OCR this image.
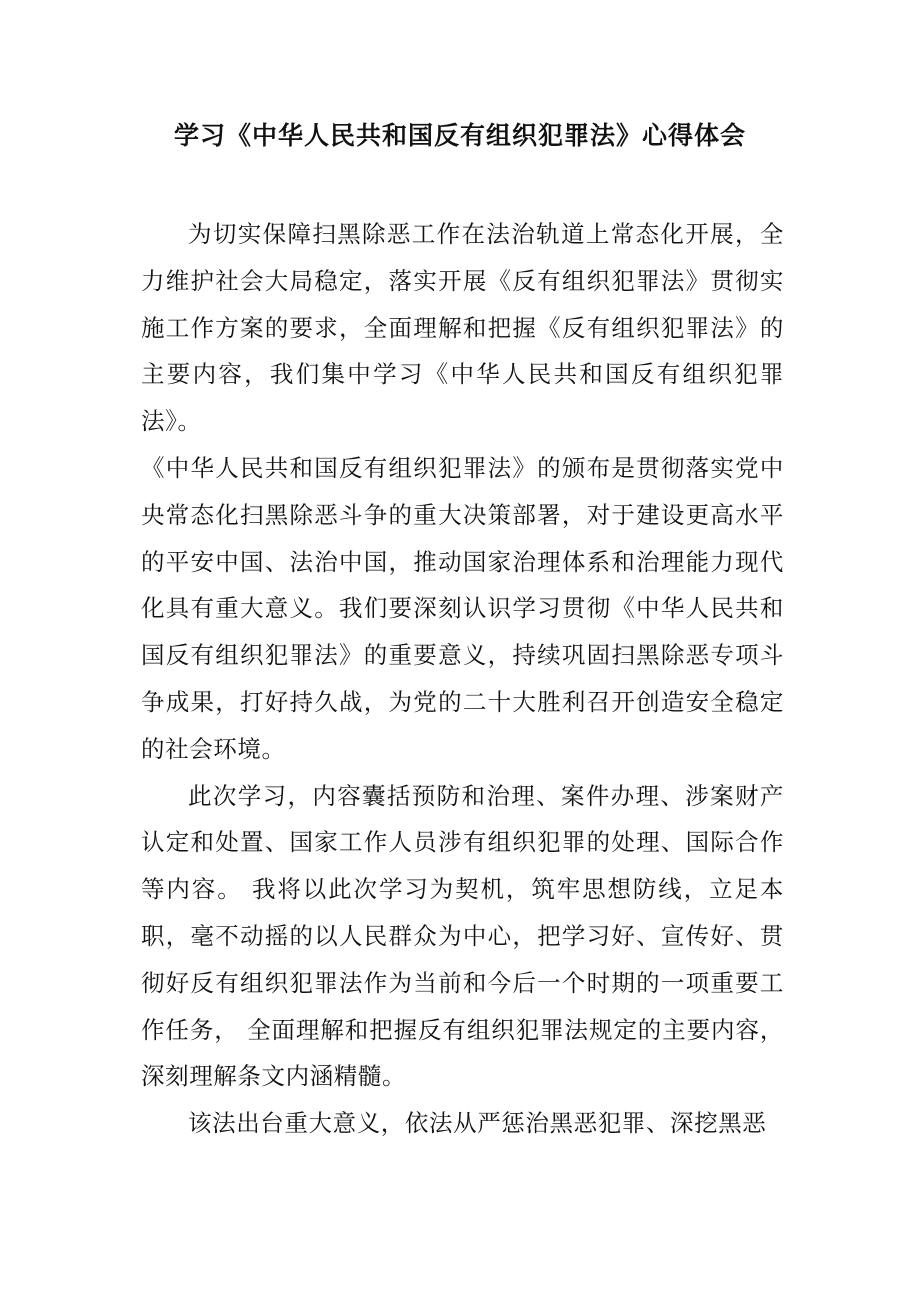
学习《中华人民共和国反有组织犯罪法》心得体会

为切实保障扫黑除恶工作在法治轨道上常态化开展，全力维护社会大局稳定，落实开展《反有组织犯罪法》贯彻实施工作方案的要求，全面理解和把握《反有组织犯罪法》的主要内容，我们集中学习《中华人民共和国反有组织犯罪法》。

《中华人民共和国反有组织犯罪法》的颁布是贯彻落实党中央常态化扫黑除恶斗争的重大决策部署，对于建设更高水平的平安中国、法治中国，推动国家治理体系和治理能力现代化具有重大意义。我们要深刻认识学习贯彻《中华人民共和国反有组织犯罪法》的重要意义，持续巩固扫黑除恶专项斗争成果，打好持久战，为党的二十大胜利召开创造安全稳定的社会环境。

此次学习，内容囊括预防和治理、案件办理、涉案财产认定和处置、国家工作人员涉有组织犯罪的处理、国际合作等内容。 我将以此次学习为契机，筑牢思想防线，立足本职，毫不动摇的以人民群众为中心，把学习好、宣传好、贯彻好反有组织犯罪法作为当前和今后一个时期的一项重要工作任务， 全面理解和把握反有组织犯罪法规定的主要内容，深刻理解条文内涵精髓。

该法出台重大意义，依法从严惩治黑恶犯罪、深挖黑恶
